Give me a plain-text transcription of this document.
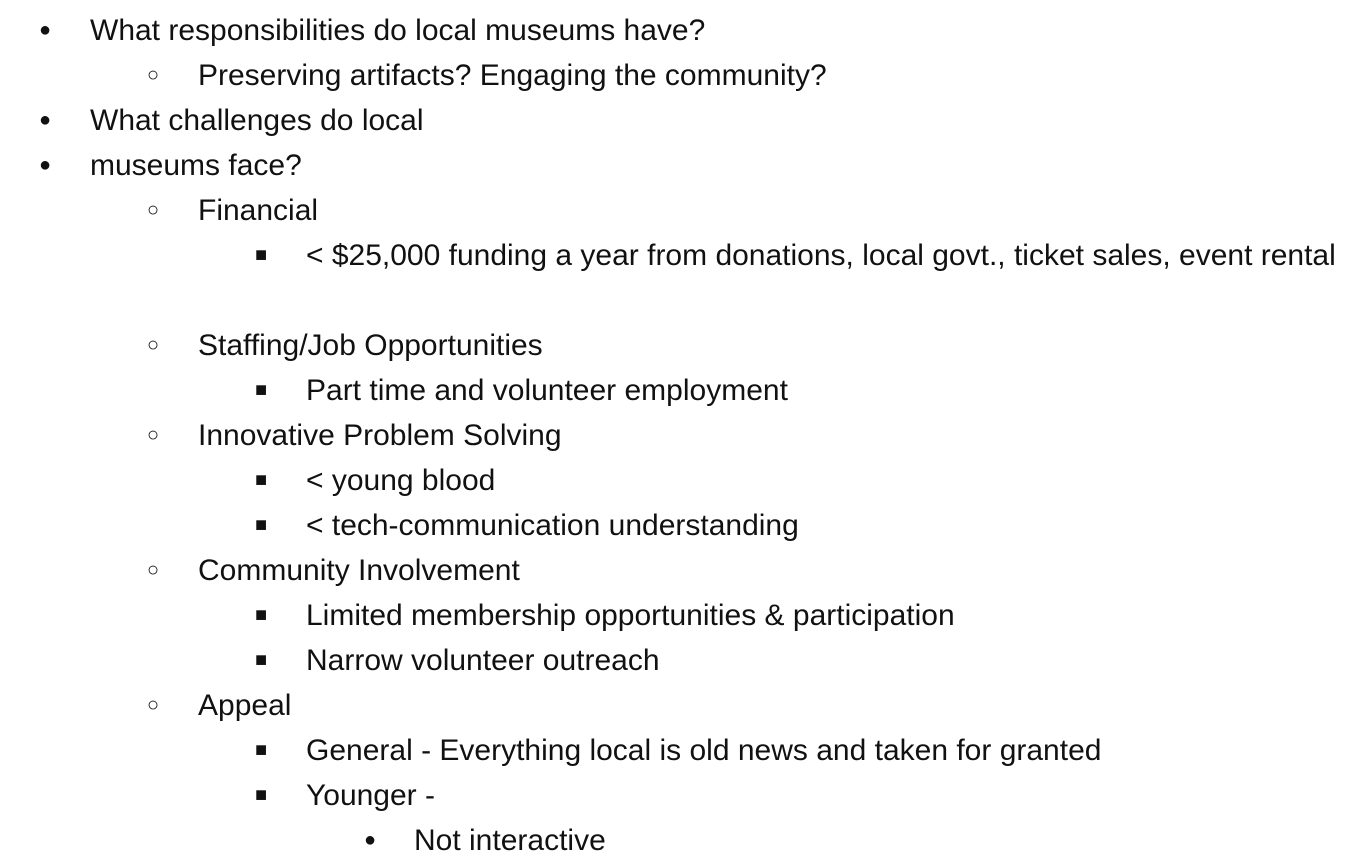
● What responsibilities do local museums have?
○ Preserving artifacts? Engaging the community?
● What challenges do local
● museums face?
○ Financial
■ < $25,000 funding a year from donations, local govt., ticket sales, event rental
○ Staffing/Job Opportunities
■ Part time and volunteer employment
○ Innovative Problem Solving
■ < young blood
■ < tech-communication understanding
○ Community Involvement
■ Limited membership opportunities & participation
■ Narrow volunteer outreach
○ Appeal
■ General - Everything local is old news and taken for granted
■ Younger -
● Not interactive
